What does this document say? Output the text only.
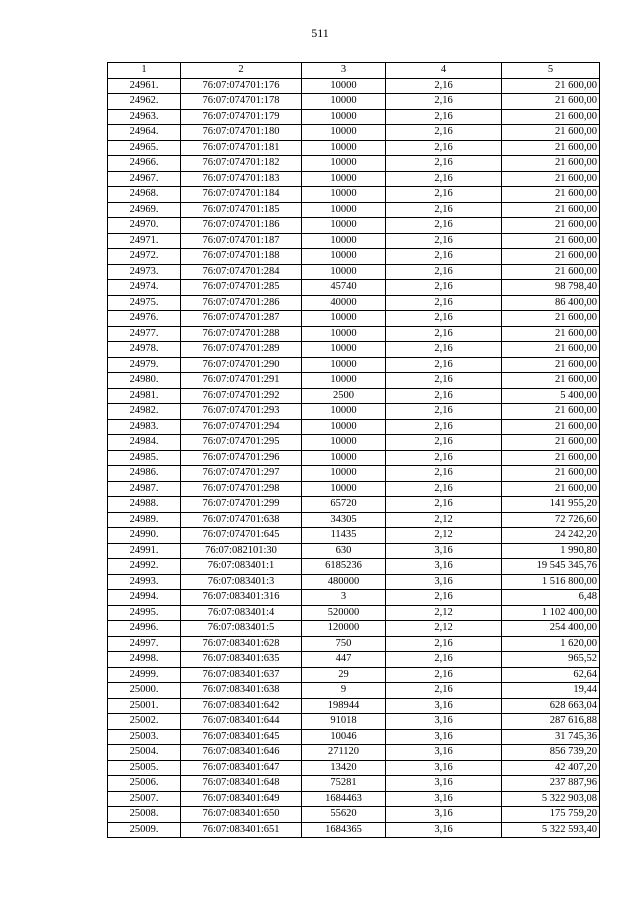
511
1	2	3	4	5
24961.	76:07:074701:176	10000	2,16	21 600,00
24962.	76:07:074701:178	10000	2,16	21 600,00
24963.	76:07:074701:179	10000	2,16	21 600,00
24964.	76:07:074701:180	10000	2,16	21 600,00
24965.	76:07:074701:181	10000	2,16	21 600,00
24966.	76:07:074701:182	10000	2,16	21 600,00
24967.	76:07:074701:183	10000	2,16	21 600,00
24968.	76:07:074701:184	10000	2,16	21 600,00
24969.	76:07:074701:185	10000	2,16	21 600,00
24970.	76:07:074701:186	10000	2,16	21 600,00
24971.	76:07:074701:187	10000	2,16	21 600,00
24972.	76:07:074701:188	10000	2,16	21 600,00
24973.	76:07:074701:284	10000	2,16	21 600,00
24974.	76:07:074701:285	45740	2,16	98 798,40
24975.	76:07:074701:286	40000	2,16	86 400,00
24976.	76:07:074701:287	10000	2,16	21 600,00
24977.	76:07:074701:288	10000	2,16	21 600,00
24978.	76:07:074701:289	10000	2,16	21 600,00
24979.	76:07:074701:290	10000	2,16	21 600,00
24980.	76:07:074701:291	10000	2,16	21 600,00
24981.	76:07:074701:292	2500	2,16	5 400,00
24982.	76:07:074701:293	10000	2,16	21 600,00
24983.	76:07:074701:294	10000	2,16	21 600,00
24984.	76:07:074701:295	10000	2,16	21 600,00
24985.	76:07:074701:296	10000	2,16	21 600,00
24986.	76:07:074701:297	10000	2,16	21 600,00
24987.	76:07:074701:298	10000	2,16	21 600,00
24988.	76:07:074701:299	65720	2,16	141 955,20
24989.	76:07:074701:638	34305	2,12	72 726,60
24990.	76:07:074701:645	11435	2,12	24 242,20
24991.	76:07:082101:30	630	3,16	1 990,80
24992.	76:07:083401:1	6185236	3,16	19 545 345,76
24993.	76:07:083401:3	480000	3,16	1 516 800,00
24994.	76:07:083401:316	3	2,16	6,48
24995.	76:07:083401:4	520000	2,12	1 102 400,00
24996.	76:07:083401:5	120000	2,12	254 400,00
24997.	76:07:083401:628	750	2,16	1 620,00
24998.	76:07:083401:635	447	2,16	965,52
24999.	76:07:083401:637	29	2,16	62,64
25000.	76:07:083401:638	9	2,16	19,44
25001.	76:07:083401:642	198944	3,16	628 663,04
25002.	76:07:083401:644	91018	3,16	287 616,88
25003.	76:07:083401:645	10046	3,16	31 745,36
25004.	76:07:083401:646	271120	3,16	856 739,20
25005.	76:07:083401:647	13420	3,16	42 407,20
25006.	76:07:083401:648	75281	3,16	237 887,96
25007.	76:07:083401:649	1684463	3,16	5 322 903,08
25008.	76:07:083401:650	55620	3,16	175 759,20
25009.	76:07:083401:651	1684365	3,16	5 322 593,40
